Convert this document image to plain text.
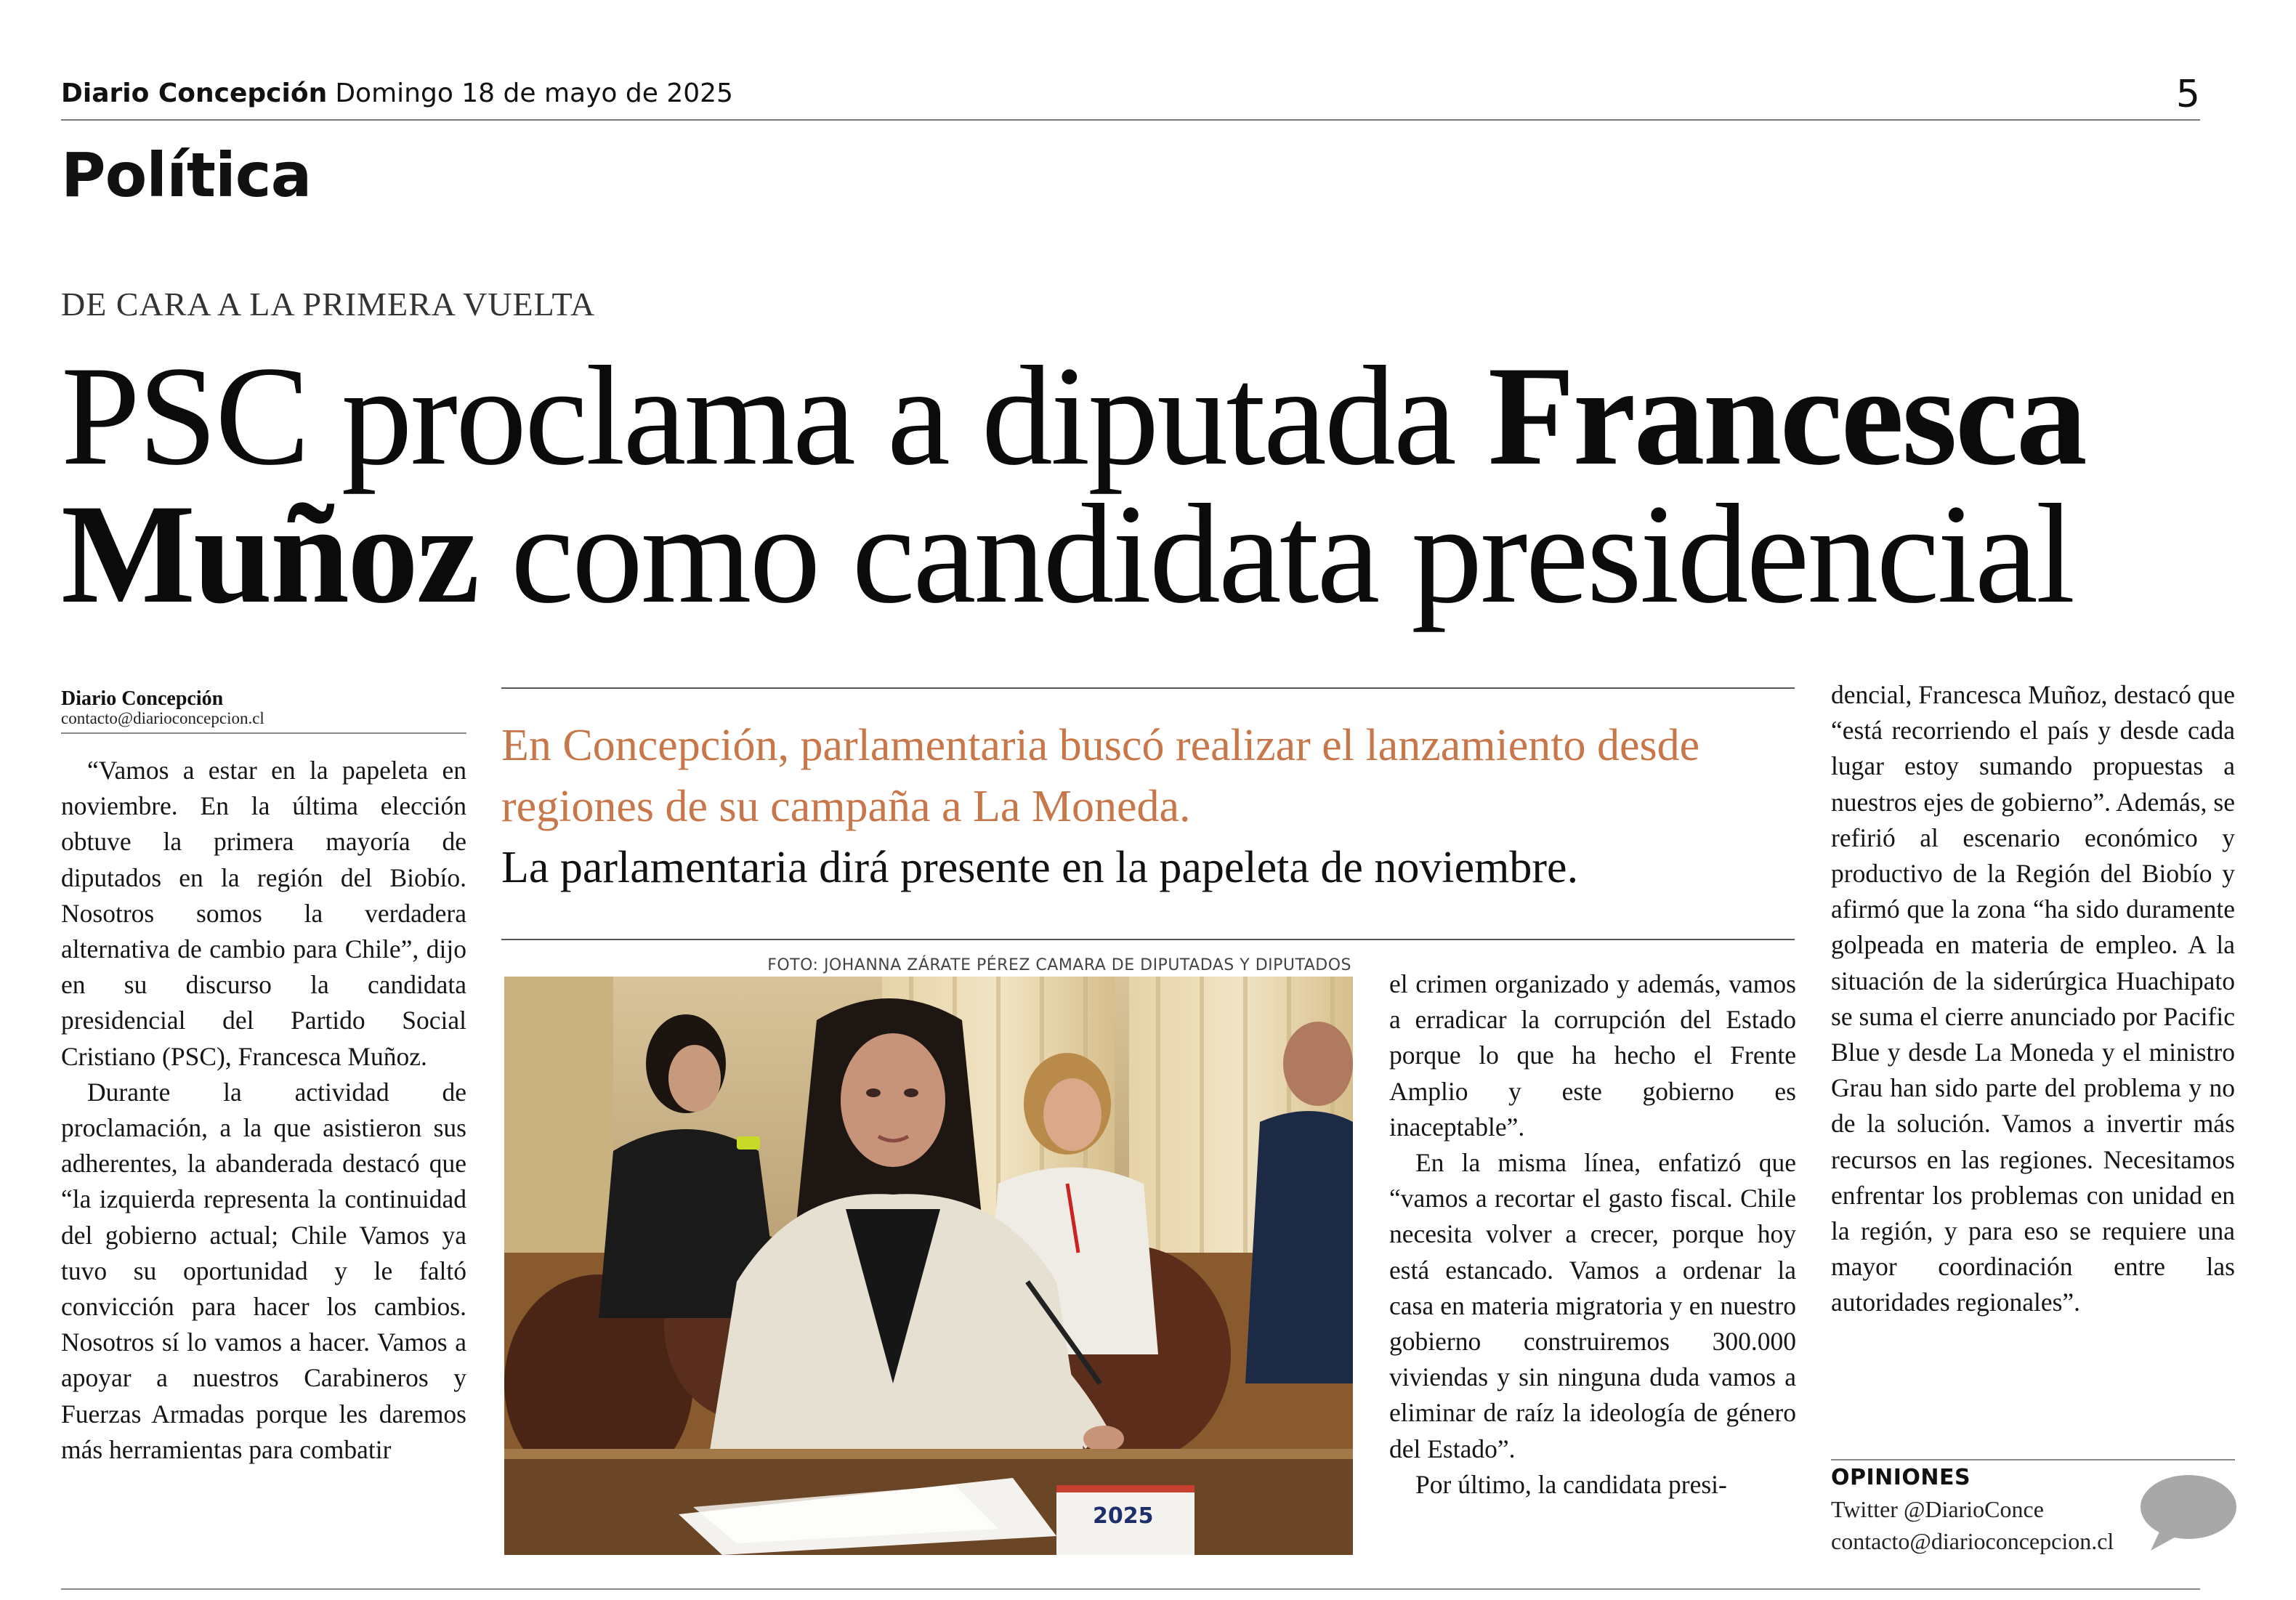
Diario Concepción Domingo 18 de mayo de 2025	5
Política
DE CARA A LA PRIMERA VUELTA
PSC proclama a diputada Francesca
Muñoz como candidata presidencial
Diario Concepción
contacto@diarioconcepcion.cl

“Vamos a estar en la papeleta en noviembre. En la última elección obtuve la primera mayoría de diputados en la región del Biobío. Nosotros somos la verdadera alternativa de cambio para Chile”, dijo en su discurso la candidata presidencial del Partido Social Cristiano (PSC), Francesca Muñoz.

Durante la actividad de proclamación, a la que asistieron sus adherentes, la abanderada destacó que “la izquierda representa la continuidad del gobierno actual; Chile Vamos ya tuvo su oportunidad y le faltó convicción para hacer los cambios. Nosotros sí lo vamos a hacer. Vamos a apoyar a nuestros Carabineros y Fuerzas Armadas porque les daremos más herramientas para combatir

En Concepción, parlamentaria buscó realizar el lanzamiento desde regiones de su campaña a La Moneda.
La parlamentaria dirá presente en la papeleta de noviembre.
FOTO: JOHANNA ZÁRATE PÉREZ CAMARA DE DIPUTADAS Y DIPUTADOS
2025

el crimen organizado y además, vamos a erradicar la corrupción del Estado porque lo que ha hecho el Frente Amplio y este gobierno es inaceptable”.

En la misma línea, enfatizó que “vamos a recortar el gasto fiscal. Chile necesita volver a crecer, porque hoy está estancado. Vamos a ordenar la casa en materia migratoria y en nuestro gobierno construiremos 300.000 viviendas y sin ninguna duda vamos a eliminar de raíz la ideología de género del Estado”.

Por último, la candidata presi-

dencial, Francesca Muñoz, destacó que “está recorriendo el país y desde cada lugar estoy sumando propuestas a nuestros ejes de gobierno”. Además, se refirió al escenario económico y productivo de la Región del Biobío y afirmó que la zona “ha sido duramente golpeada en materia de empleo. A la situación de la siderúrgica Huachipato se suma el cierre anunciado por Pacific Blue y desde La Moneda y el ministro Grau han sido parte del problema y no de la solución. Vamos a invertir más recursos en las regiones. Necesitamos enfrentar los problemas con unidad en la región, y para eso se requiere una mayor coordinación entre las autoridades regionales”.

OPINIONES
Twitter @DiarioConce
contacto@diarioconcepcion.cl
